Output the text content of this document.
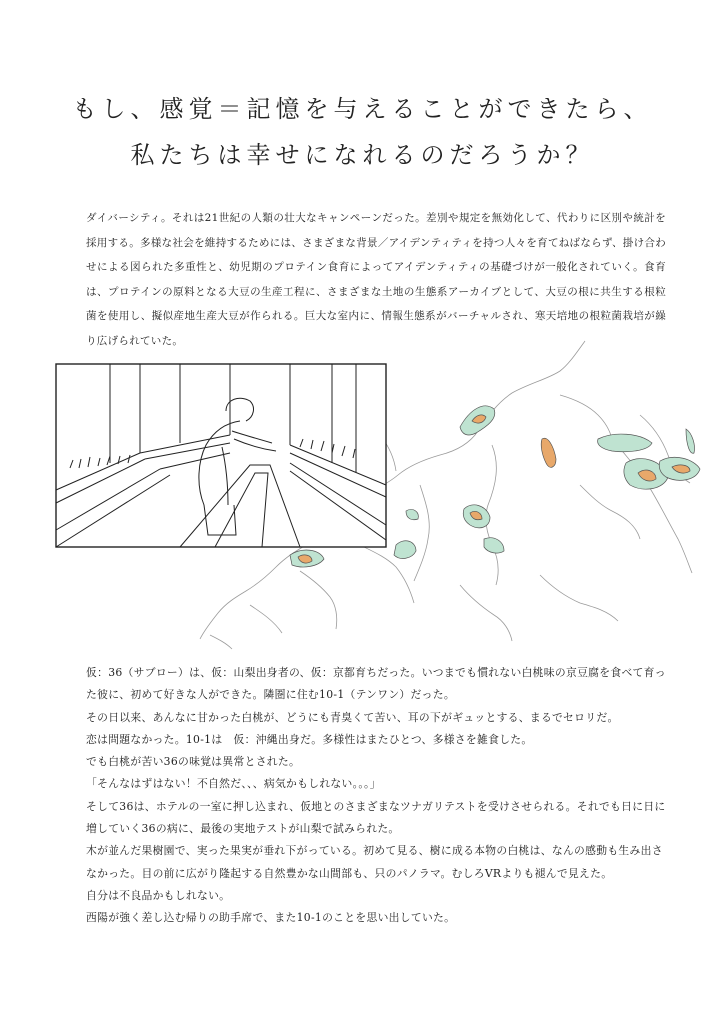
もし、感覚＝記憶を与えることができたら、
私たちは幸せになれるのだろうか？

ダイバーシティ。それは21世紀の人類の壮大なキャンペーンだった。差別や規定を無効化して、代わりに区別や統計を採用する。多様な社会を維持するためには、さまざまな背景／アイデンティティを持つ人々を育てねばならず、掛け合わせによる図られた多重性と、幼児期のプロテイン食育によってアイデンティティの基礎づけが一般化されていく。食育は、プロテインの原料となる大豆の生産工程に、さまざまな土地の生態系アーカイブとして、大豆の根に共生する根粒菌を使用し、擬似産地生産大豆が作られる。巨大な室内に、情報生態系がバーチャルされ、寒天培地の根粒菌栽培が繰り広げられていた。

仮：36（サブロー）は、仮：山梨出身者の、仮：京都育ちだった。いつまでも慣れない白桃味の京豆腐を食べて育った彼に、初めて好きな人ができた。隣圏に住む10-1（テンワン）だった。

その日以来、あんなに甘かった白桃が、どうにも青臭くて苦い、耳の下がギュッとする、まるでセロリだ。

恋は問題なかった。10-1は　仮：沖縄出身だ。多様性はまたひとつ、多様さを雑食した。

でも白桃が苦い36の味覚は異常とされた。

「そんなはずはない！不自然だ、、、病気かもしれない。。。」

そして36は、ホテルの一室に押し込まれ、仮地とのさまざまなツナガリテストを受けさせられる。それでも日に日に増していく36の病に、最後の実地テストが山梨で試みられた。

木が並んだ果樹園で、実った果実が垂れ下がっている。初めて見る、樹に成る本物の白桃は、なんの感動も生み出さなかった。目の前に広がり隆起する自然豊かな山間部も、只のパノラマ。むしろVRよりも褪んで見えた。

自分は不良品かもしれない。

西陽が強く差し込む帰りの助手席で、また10-1のことを思い出していた。
